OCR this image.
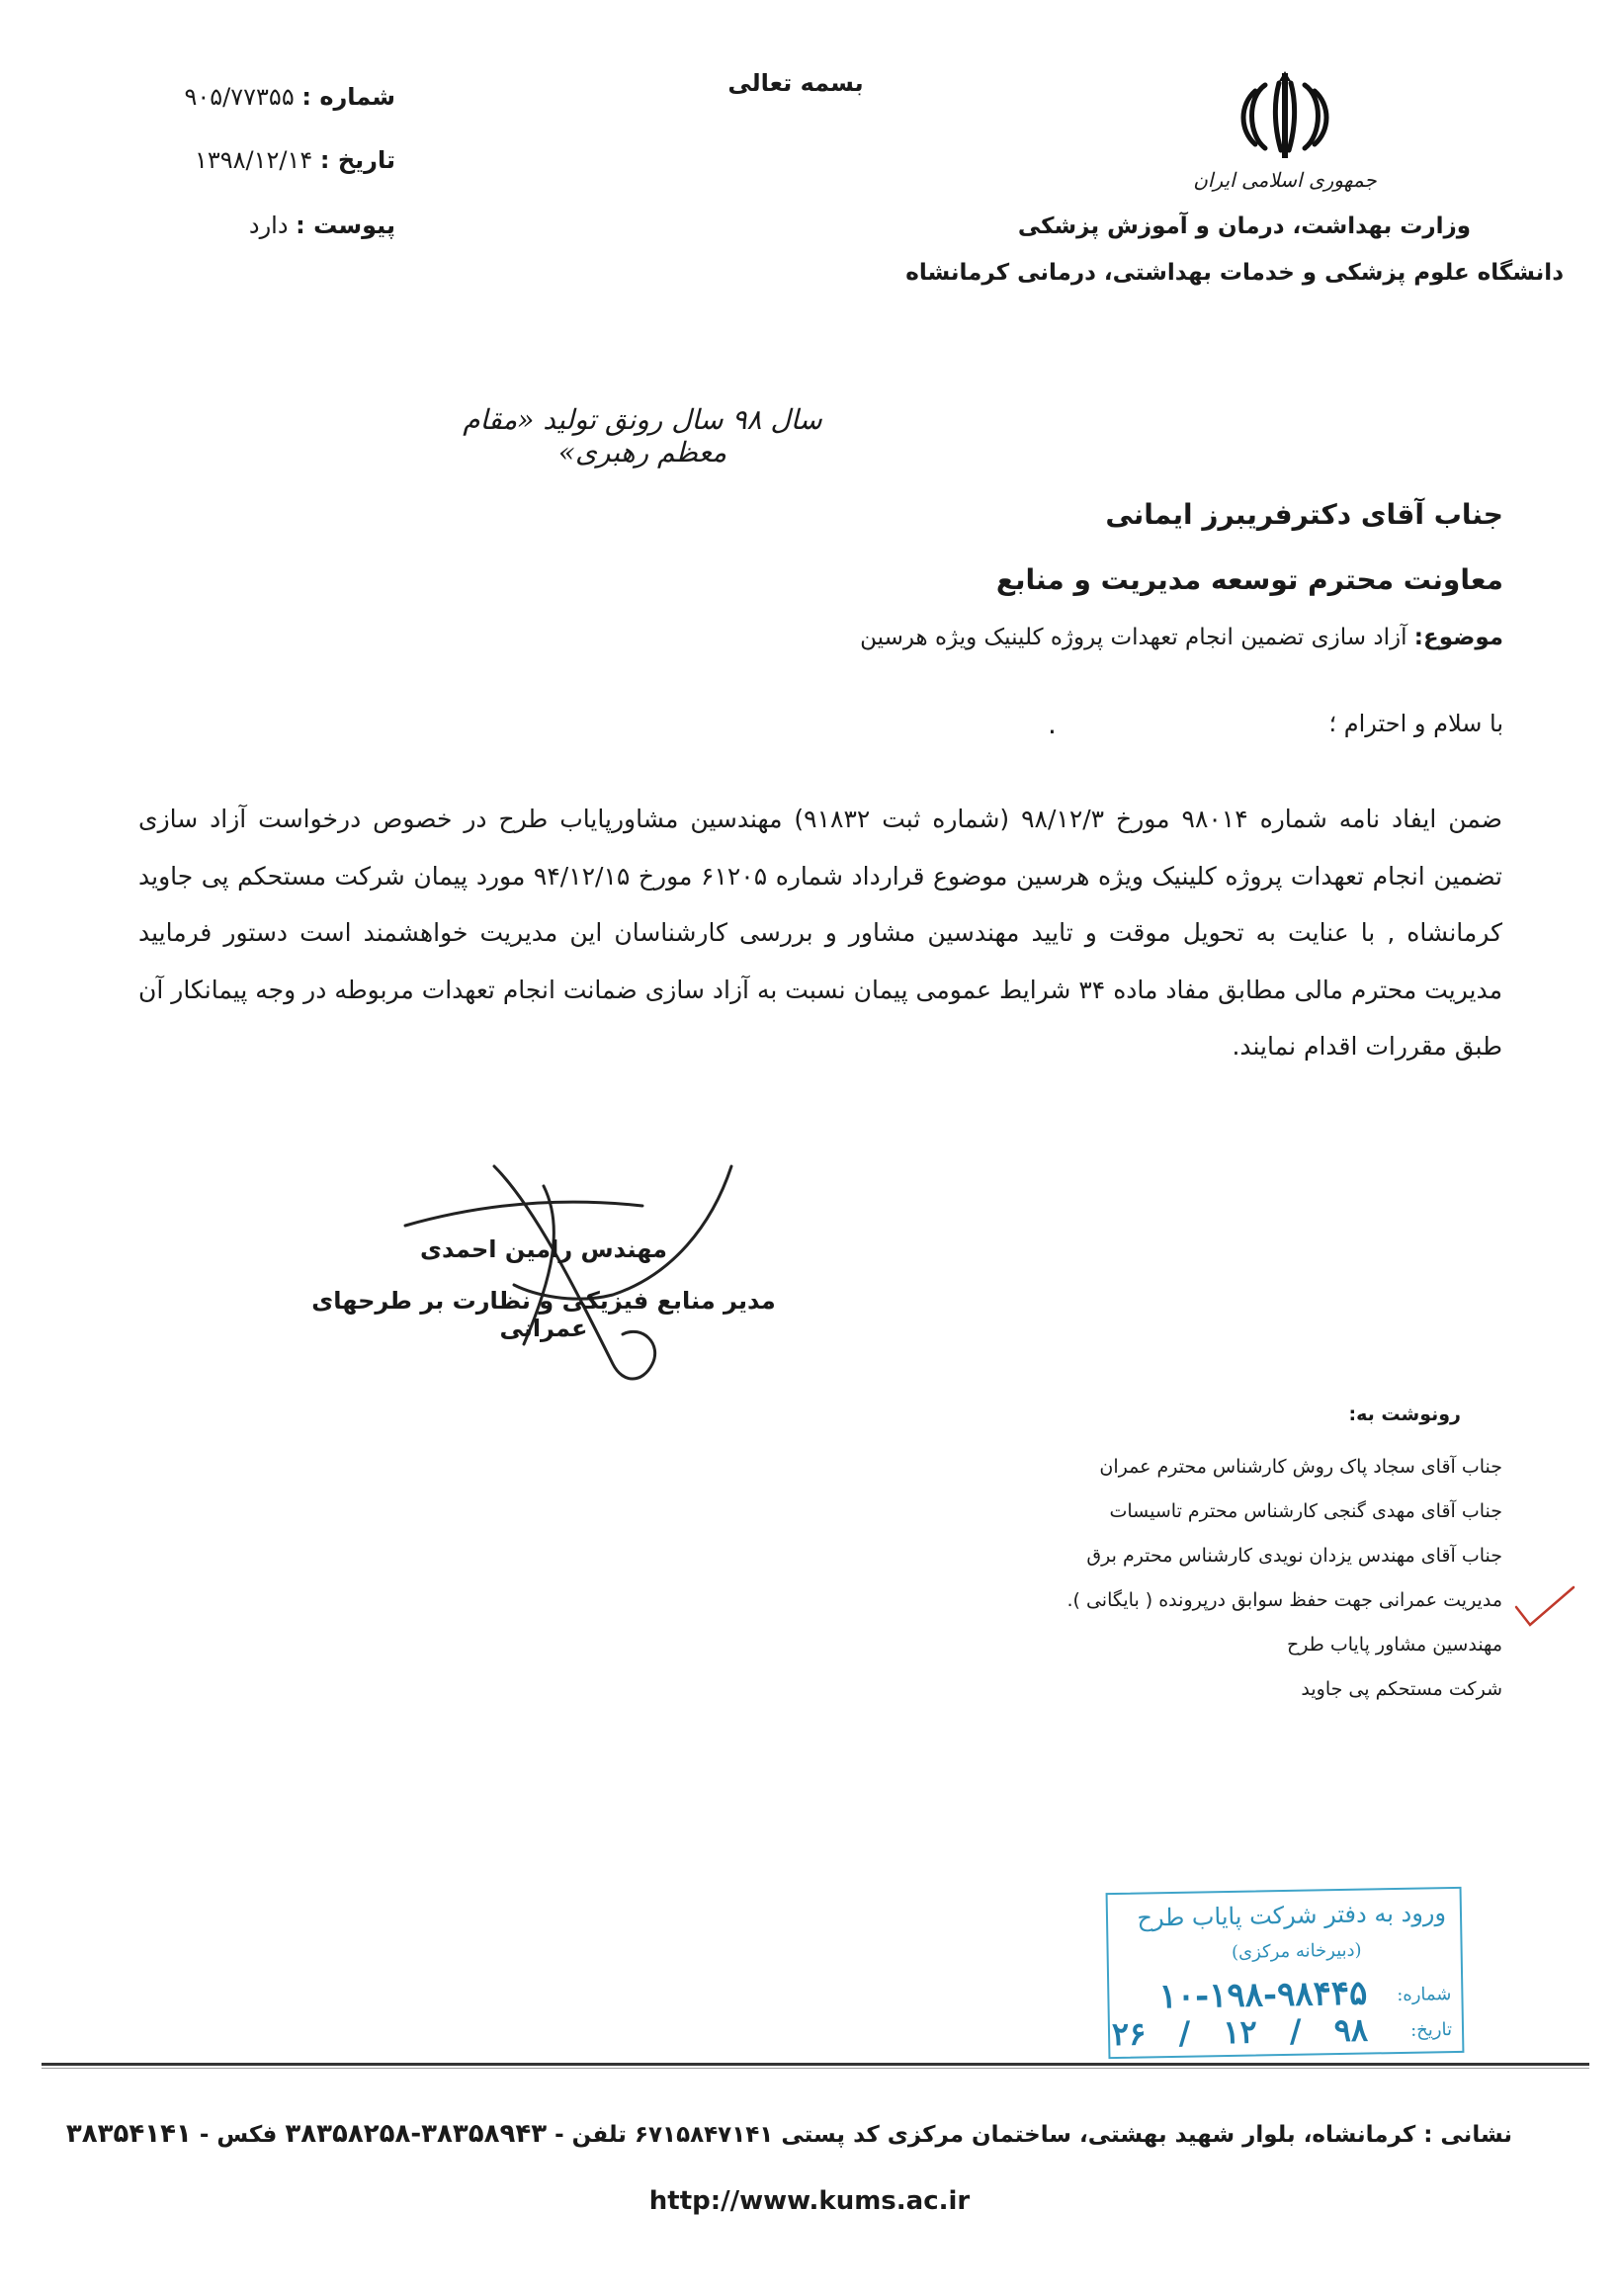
بسمه تعالی
شماره : ۹۰۵/۷۷۳۵۵
تاریخ : ۱۳۹۸/۱۲/۱۴
پیوست : دارد
جمهوری اسلامی ایران
وزارت بهداشت، درمان و آموزش پزشکی
دانشگاه علوم پزشکی و خدمات بهداشتی، درمانی کرمانشاه
سال ۹۸ سال رونق تولید «مقام معظم رهبری»
جناب آقای دکترفریبرز ایمانی
معاونت محترم توسعه مدیریت و منابع
موضوع: آزاد سازی تضمین انجام تعهدات پروژه کلینیک ویژه هرسین
با سلام و احترام ؛
.
ضمن ایفاد نامه شماره ۹۸۰۱۴ مورخ ۹۸/۱۲/۳ (شماره ثبت ۹۱۸۳۲) مهندسین مشاورپایاب طرح در خصوص درخواست آزاد سازی تضمین انجام تعهدات پروژه کلینیک ویژه هرسین موضوع قرارداد شماره ۶۱۲۰۵ مورخ ۹۴/۱۲/۱۵ مورد پیمان شرکت مستحکم پی جاوید کرمانشاه , با عنایت به تحویل موقت و تایید مهندسین مشاور و بررسی کارشناسان این مدیریت خواهشمند است دستور فرمایید مدیریت محترم مالی مطابق مفاد ماده ۳۴ شرایط عمومی پیمان نسبت به آزاد سازی ضمانت انجام تعهدات مربوطه در وجه پیمانکار آن طبق مقررات اقدام نمایند.
مهندس رامین احمدی
مدیر منابع فیزیکی و نظارت بر طرحهای عمرانی
رونوشت به:
جناب آقای سجاد پاک روش کارشناس محترم عمران
جناب آقای مهدی گنجی کارشناس محترم تاسیسات
جناب آقای مهندس یزدان نویدی کارشناس محترم برق
مدیریت عمرانی جهت حفظ سوابق درپرونده ( بایگانی ).
مهندسین مشاور پایاب طرح
شرکت مستحکم پی جاوید
ورود به دفتر شرکت پایاب طرح
(دبیرخانه مرکزی)
شماره:
۱۰-۱۹۸-۹۸۴۴۵
تاریخ:
۹۸ / ۱۲ / ۲۶
نشانی : کرمانشاه، بلوار شهید بهشتی، ساختمان مرکزی کد پستی ۶۷۱۵۸۴۷۱۴۱ تلفن - ۳۸۳۵۸۹۴۳-۳۸۳۵۸۲۵۸ فکس - ۳۸۳۵۴۱۴۱
http://www.kums.ac.ir
